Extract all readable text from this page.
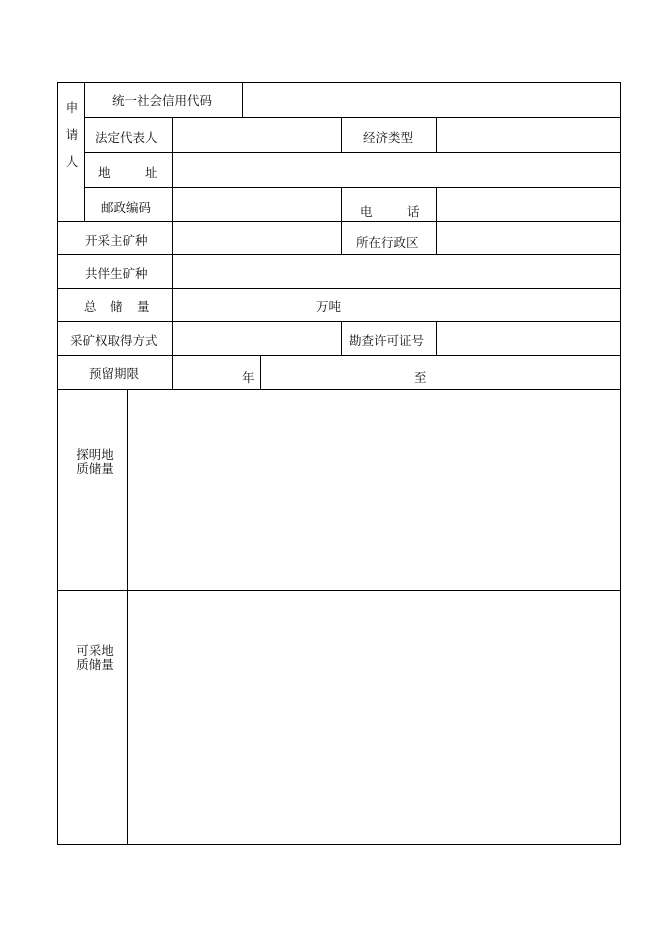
申
请
人
统一社会信用代码
法定代表人	经济类型
地	址
邮政编码	电	话
开采主矿种	所在行政区
共伴生矿种
总 储 量	万吨
采矿权取得方式	勘查许可证号
预留期限	年	至
探明地
质储量
可采地
质储量
